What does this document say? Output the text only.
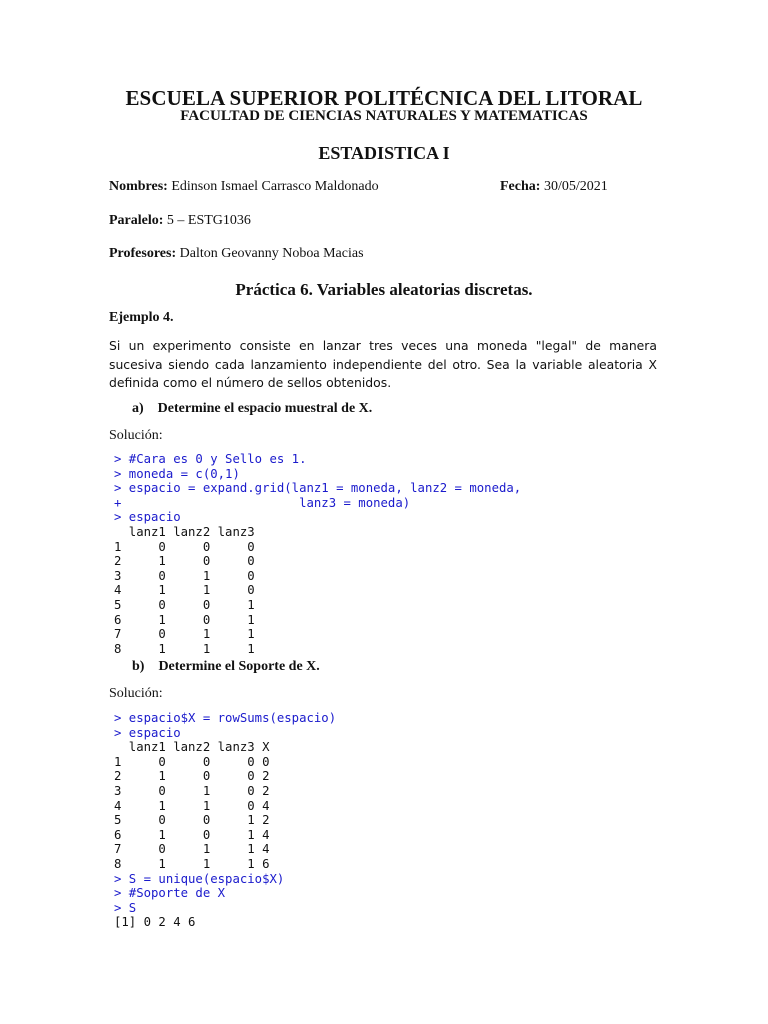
ESCUELA SUPERIOR POLITÉCNICA DEL LITORAL
FACULTAD DE CIENCIAS NATURALES Y MATEMATICAS
ESTADISTICA I
Nombres: Edinson Ismael Carrasco Maldonado	Fecha: 30/05/2021
Paralelo: 5 – ESTG1036
Profesores: Dalton Geovanny Noboa Macias
Práctica 6. Variables aleatorias discretas.
Ejemplo 4.
Si un experimento consiste en lanzar tres veces una moneda "legal" de manera sucesiva siendo cada lanzamiento independiente del otro. Sea la variable aleatoria X definida como el número de sellos obtenidos.
a) Determine el espacio muestral de X.
Solución:
> #Cara es 0 y Sello es 1.
> moneda = c(0,1)
> espacio = expand.grid(lanz1 = moneda, lanz2 = moneda,
+                        lanz3 = moneda)
> espacio
lanz1 lanz2 lanz3
1     0     0     0
2     1     0     0
3     0     1     0
4     1     1     0
5     0     0     1
6     1     0     1
7     0     1     1
8     1     1     1

b) Determine el Soporte de X.
Solución:
> espacio$X = rowSums(espacio)
> espacio
lanz1 lanz2 lanz3 X
1     0     0     0 0
2     1     0     0 2
3     0     1     0 2
4     1     1     0 4
5     0     0     1 2
6     1     0     1 4
7     0     1     1 4
8     1     1     1 6
> S = unique(espacio$X)
> #Soporte de X
> S
[1] 0 2 4 6
